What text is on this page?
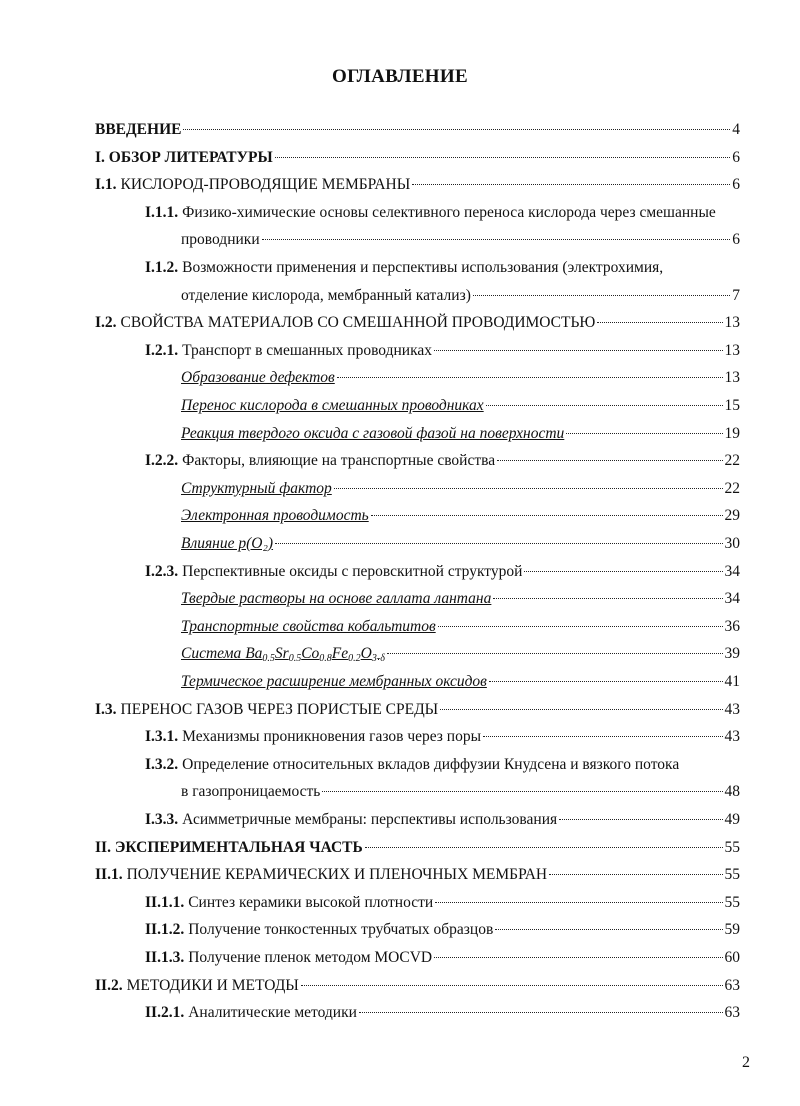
ОГЛАВЛЕНИЕ
ВВЕДЕНИЕ	4
I. ОБЗОР ЛИТЕРАТУРЫ	6
I.1. КИСЛОРОД-ПРОВОДЯЩИЕ МЕМБРАНЫ	6
I.1.1. Физико-химические основы селективного переноса кислорода через смешанные
проводники	6
I.1.2. Возможности применения и перспективы использования (электрохимия,
отделение кислорода, мембранный катализ)	7
I.2. СВОЙСТВА МАТЕРИАЛОВ СО СМЕШАННОЙ ПРОВОДИМОСТЬЮ	13
I.2.1. Транспорт в смешанных проводниках	13
Образование дефектов	13
Перенос кислорода в смешанных проводниках	15
Реакция твердого оксида с газовой фазой на поверхности	19
I.2.2. Факторы, влияющие на транспортные свойства	22
Структурный фактор	22
Электронная проводимость	29
Влияние p(O₂)	30
I.2.3. Перспективные оксиды с перовскитной структурой	34
Твердые растворы на основе галлата лантана	34
Транспортные свойства кобальтитов	36
Система $Ba_{0.5}Sr_{0.5}Co_{0.8}Fe_{0.2}O_{3-\delta}$	39
Термическое расширение мембранных оксидов	41
I.3. ПЕРЕНОС ГАЗОВ ЧЕРЕЗ ПОРИСТЫЕ СРЕДЫ	43
I.3.1. Механизмы проникновения газов через поры	43
I.3.2. Определение относительных вкладов диффузии Кнудсена и вязкого потока
в газопроницаемость	48
I.3.3. Асимметричные мембраны: перспективы использования	49
II. ЭКСПЕРИМЕНТАЛЬНАЯ ЧАСТЬ	55
II.1. ПОЛУЧЕНИЕ КЕРАМИЧЕСКИХ И ПЛЕНОЧНЫХ МЕМБРАН	55
II.1.1. Синтез керамики высокой плотности	55
II.1.2. Получение тонкостенных трубчатых образцов	59
II.1.3. Получение пленок методом MOCVD	60
II.2. МЕТОДИКИ И МЕТОДЫ	63
II.2.1. Аналитические методики	63
2
